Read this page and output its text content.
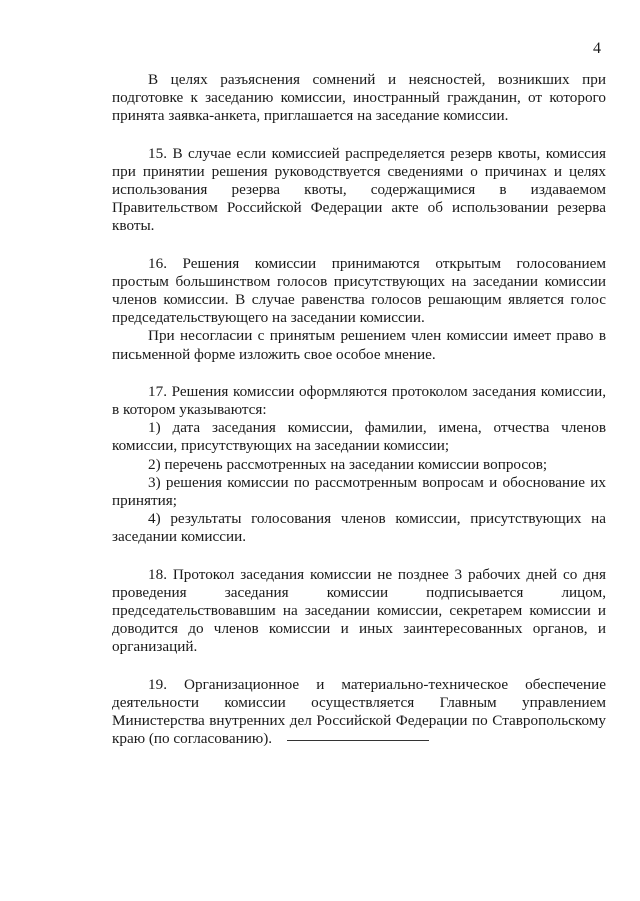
4

В целях разъяснения сомнений и неясностей, возникших при подготовке к заседанию комиссии, иностранный гражданин, от которого принята заявка-анкета, приглашается на заседание комиссии.

15. В случае если комиссией распределяется резерв квоты, комиссия при принятии решения руководствуется сведениями о причинах и целях использования резерва квоты, содержащимися в издаваемом Правительством Российской Федерации акте об использовании резерва квоты.

16. Решения комиссии принимаются открытым голосованием простым большинством голосов присутствующих на заседании комиссии членов комиссии. В случае равенства голосов решающим является голос председательствующего на заседании комиссии.

При несогласии с принятым решением член комиссии имеет право в письменной форме изложить свое особое мнение.

17. Решения комиссии оформляются протоколом заседания комиссии, в котором указываются:

1) дата заседания комиссии, фамилии, имена, отчества членов комиссии, присутствующих на заседании комиссии;

2) перечень рассмотренных на заседании комиссии вопросов;

3) решения комиссии по рассмотренным вопросам и обоснование их принятия;

4) результаты голосования членов комиссии, присутствующих на заседании комиссии.

18. Протокол заседания комиссии не позднее 3 рабочих дней со дня проведения заседания комиссии подписывается лицом, председательствовавшим на заседании комиссии, секретарем комиссии и доводится до членов комиссии и иных заинтересованных органов, и организаций.

19. Организационное и материально-техническое обеспечение деятельности комиссии осуществляется Главным управлением Министерства внутренних дел Российской Федерации по Ставропольскому краю (по согласованию).
